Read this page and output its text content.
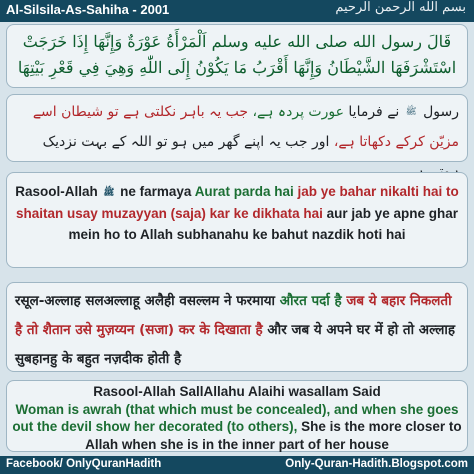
Al-Silsila-As-Sahiha - 2001	بسم الله الرحمن الرحيم
قَالَ رسول الله صلى الله عليه وسلم اَلْمَرْأَةُ عَوْرَةٌ وَإِنَّهَا إِذَا خَرَجَتْ
اسْتَشْرَفَهَا الشَّيْطَانُ وَإِنَّهَا أَقْرَبُ مَا يَكُوْنُ إِلَى اللّٰهِ وَهِيَ فِي قَعْرِ بَيْتِهَا
رسول ﷺ نے فرمایا عورت پردہ ہے، جب یہ باہر نکلتی ہے تو شیطان اسے مزیّن کرکے دکھاتا ہے، اور جب یہ اپنے گھر میں ہو تو اللہ کے بہت نزدیک
Rasool-Allah ﷺ ne farmaya Aurat parda hai jab ye bahar nikalti hai to shaitan usay muzayyan (saja) kar ke dikhata hai aur jab ye apne ghar mein ho to Allah subhanahu ke bahut nazdik hoti hai
रसूल-अल्लाह सलअल्लाहू अलैही वसल्लम ने फरमाया औरत पर्दा है जब ये बहार निकलती है तो शैतान उसे मुज़य्यन (सजा) कर के दिखाता है और जब ये अपने घर में हो तो अल्लाह सुबहानहु के बहुत नज़दीक होती है
Rasool-Allah SallAllahu Alaihi wasallam Said
Woman is awrah (that which must be concealed), and when she goes out the devil show her decorated (to others), She is the more closer to Allah when she is in the inner part of her house
Facebook/ OnlyQuranHadith	Only-Quran-Hadith.Blogspot.com
